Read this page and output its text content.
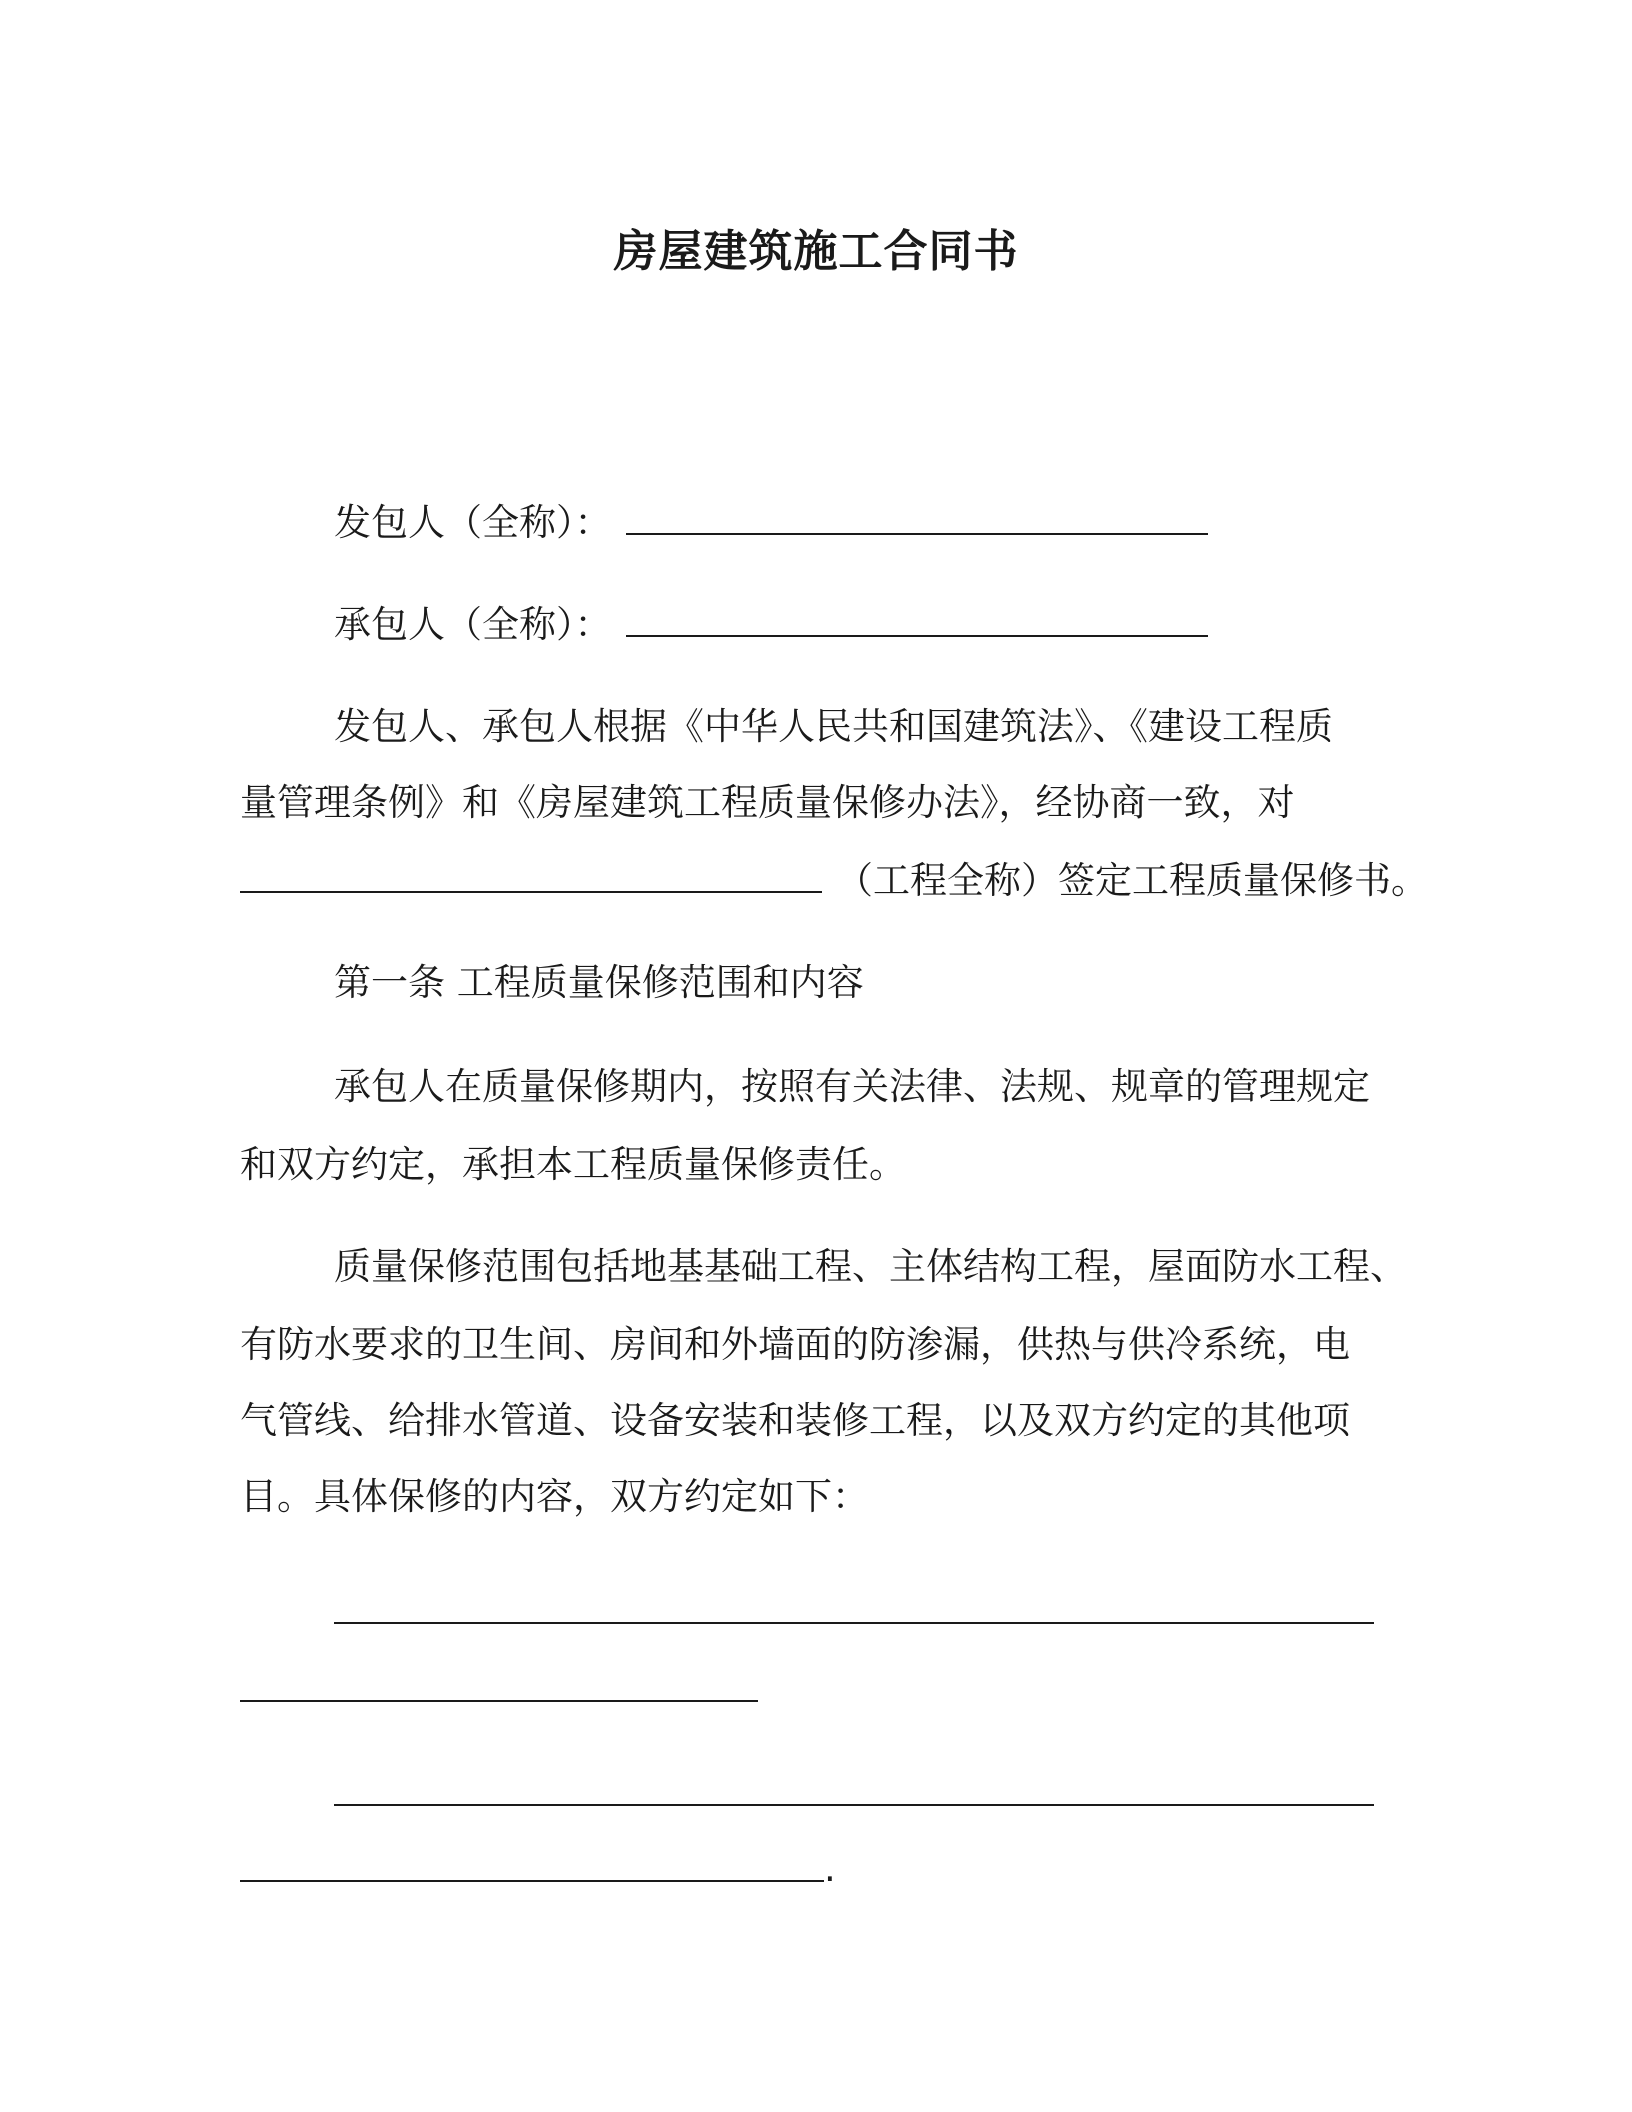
房屋建筑施工合同书
发包人（全称）：
承包人（全称）：
发包人、承包人根据《中华人民共和国建筑法》、《建设工程质
量管理条例》和《房屋建筑工程质量保修办法》，经协商一致，对
（工程全称）签定工程质量保修书。
第一条 工程质量保修范围和内容
承包人在质量保修期内，按照有关法律、法规、规章的管理规定
和双方约定，承担本工程质量保修责任。
质量保修范围包括地基基础工程、主体结构工程，屋面防水工程、
有防水要求的卫生间、房间和外墙面的防渗漏，供热与供冷系统，电
气管线、给排水管道、设备安装和装修工程，以及双方约定的其他项
目。具体保修的内容，双方约定如下：
.
